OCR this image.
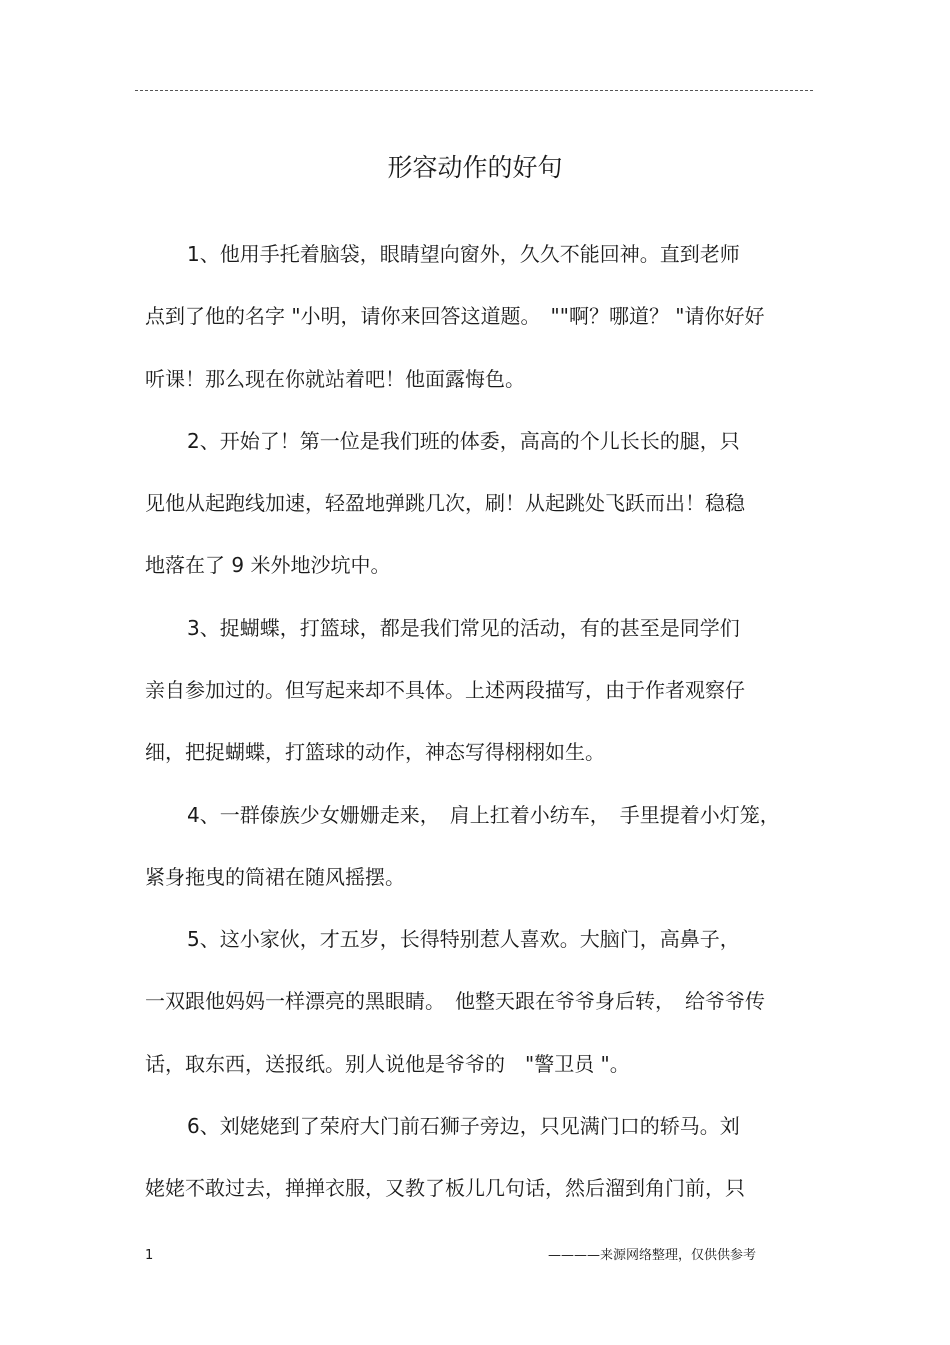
形容动作的好句
1、他用手托着脑袋，眼睛望向窗外，久久不能回神。直到老师
点到了他的名字 "小明，请你来回答这道题。　""啊？哪道？ "请你好好
听课！那么现在你就站着吧！他面露悔色。
2、开始了！第一位是我们班的体委，高高的个儿长长的腿，只
见他从起跑线加速，轻盈地弹跳几次，刷！从起跳处飞跃而出！稳稳
地落在了 9 米外地沙坑中。
3、捉蝴蝶，打篮球，都是我们常见的活动，有的甚至是同学们
亲自参加过的。但写起来却不具体。上述两段描写，由于作者观察仔
细，把捉蝴蝶，打篮球的动作，神态写得栩栩如生。
4、一群傣族少女姗姗走来，　肩上扛着小纺车，　手里提着小灯笼，
紧身拖曳的筒裙在随风摇摆。
5、这小家伙，才五岁，长得特别惹人喜欢。大脑门，高鼻子，
一双跟他妈妈一样漂亮的黑眼睛。　他整天跟在爷爷身后转，　给爷爷传
话，取东西，送报纸。别人说他是爷爷的　"警卫员 "。
6、刘姥姥到了荣府大门前石狮子旁边，只见满门口的轿马。刘
姥姥不敢过去，掸掸衣服，又教了板儿几句话，然后溜到角门前，只
1	————来源网络整理，仅供供参考
